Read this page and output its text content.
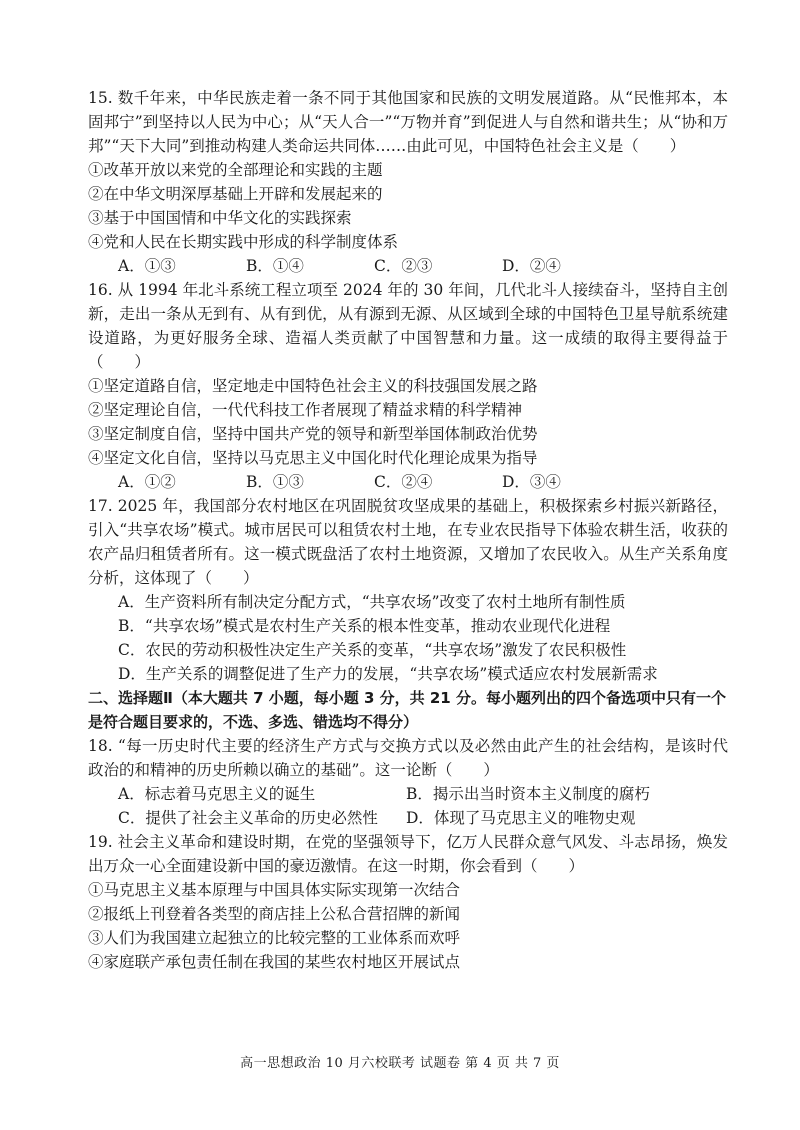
15. 数千年来，中华民族走着一条不同于其他国家和民族的文明发展道路。从“民惟邦本，本固邦宁”到坚持以人民为中心；从“天人合一”“万物并育”到促进人与自然和谐共生；从“协和万邦”“天下大同”到推动构建人类命运共同体……由此可见，中国特色社会主义是（　　）

①改革开放以来党的全部理论和实践的主题

②在中华文明深厚基础上开辟和发展起来的

③基于中国国情和中华文化的实践探索

④党和人民在长期实践中形成的科学制度体系

A．①③	B．①④	C．②③	D．②④

16. 从 1994 年北斗系统工程立项至 2024 年的 30 年间，几代北斗人接续奋斗，坚持自主创新，走出一条从无到有、从有到优，从有源到无源、从区域到全球的中国特色卫星导航系统建设道路，为更好服务全球、造福人类贡献了中国智慧和力量。这一成绩的取得主要得益于（　　）

①坚定道路自信，坚定地走中国特色社会主义的科技强国发展之路

②坚定理论自信，一代代科技工作者展现了精益求精的科学精神

③坚定制度自信，坚持中国共产党的领导和新型举国体制政治优势

④坚定文化自信，坚持以马克思主义中国化时代化理论成果为指导

A．①②	B．①③	C．②④	D．③④

17. 2025 年，我国部分农村地区在巩固脱贫攻坚成果的基础上，积极探索乡村振兴新路径，引入“共享农场”模式。城市居民可以租赁农村土地，在专业农民指导下体验农耕生活，收获的农产品归租赁者所有。这一模式既盘活了农村土地资源，又增加了农民收入。从生产关系角度分析，这体现了（　　）

A．生产资料所有制决定分配方式，“共享农场”改变了农村土地所有制性质

B．“共享农场”模式是农村生产关系的根本性变革，推动农业现代化进程

C．农民的劳动积极性决定生产关系的变革，“共享农场”激发了农民积极性

D．生产关系的调整促进了生产力的发展，“共享农场”模式适应农村发展新需求

二、选择题Ⅱ（本大题共 7 小题，每小题 3 分，共 21 分。每小题列出的四个备选项中只有一个是符合题目要求的，不选、多选、错选均不得分）

18. “每一历史时代主要的经济生产方式与交换方式以及必然由此产生的社会结构，是该时代政治的和精神的历史所赖以确立的基础”。这一论断（　　）

A．标志着马克思主义的诞生	B．揭示出当时资本主义制度的腐朽
C．提供了社会主义革命的历史必然性	D．体现了马克思主义的唯物史观

19. 社会主义革命和建设时期，在党的坚强领导下，亿万人民群众意气风发、斗志昂扬，焕发出万众一心全面建设新中国的豪迈激情。在这一时期，你会看到（　　）

①马克思主义基本原理与中国具体实际实现第一次结合

②报纸上刊登着各类型的商店挂上公私合营招牌的新闻

③人们为我国建立起独立的比较完整的工业体系而欢呼

④家庭联产承包责任制在我国的某些农村地区开展试点

高一思想政治 10 月六校联考 试题卷 第 4 页 共 7 页
